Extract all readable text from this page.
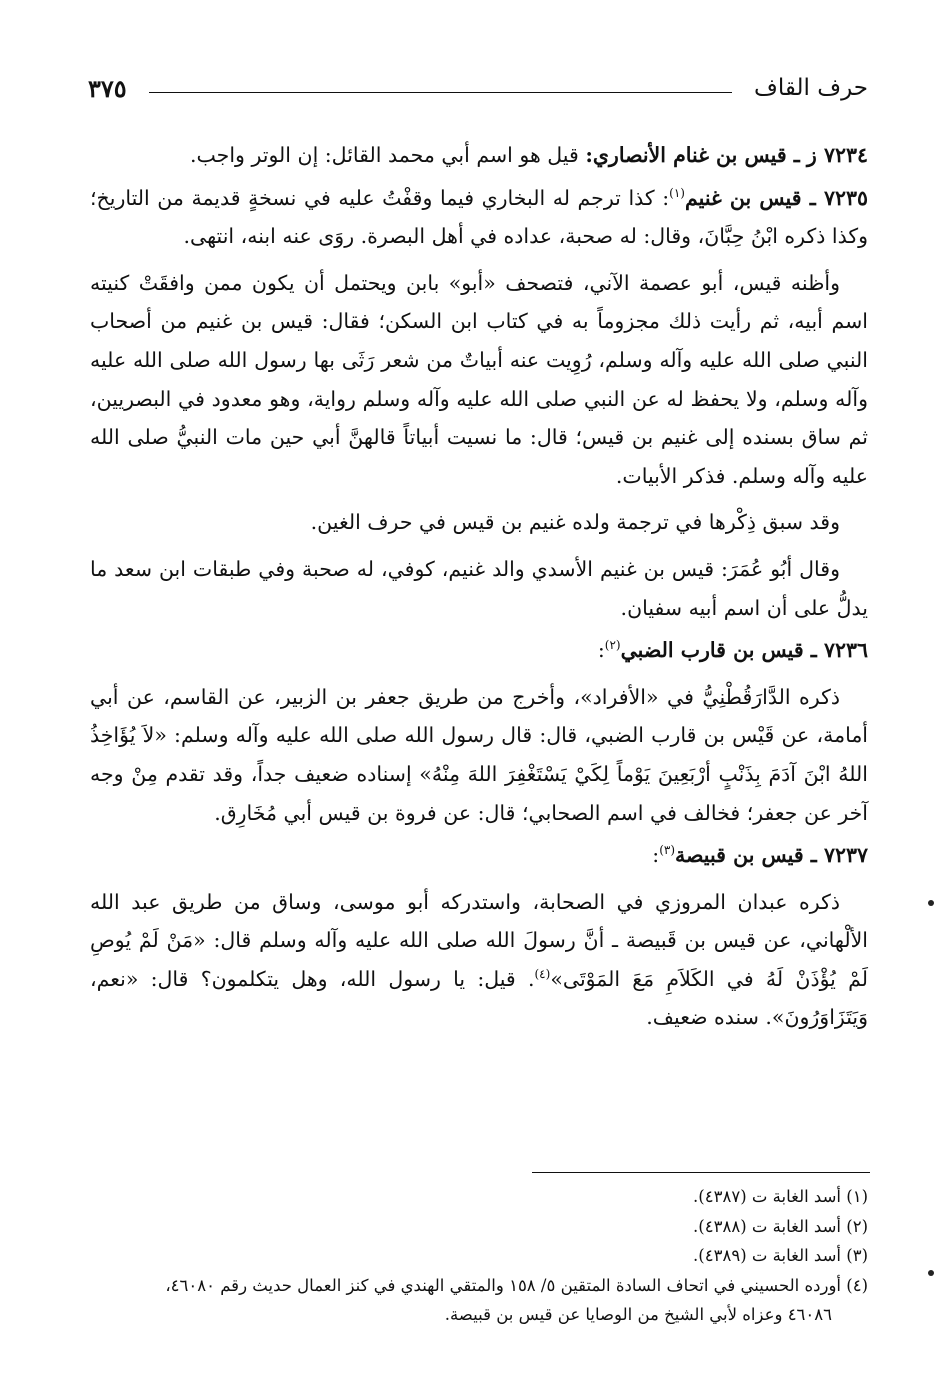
حرف القاف
٣٧٥

٧٢٣٤ ز ـ قيس بن غنام الأنصاري: قيل هو اسم أبي محمد القائل: إن الوتر واجب.

٧٢٣٥ ـ قيس بن غنيم$^{(١)}$: كذا ترجم له البخاري فيما وقفْتُ عليه في نسخةٍ قديمة من التاريخ؛ وكذا ذكره ابْنُ حِبَّانَ، وقال: له صحبة، عداده في أهل البصرة. روَى عنه ابنه، انتهى.

وأظنه قيس، أبو عصمة الآني، فتصحف «أبو» بابن ويحتمل أن يكون ممن وافقَتْ كنيته اسم أبيه، ثم رأيت ذلك مجزوماً به في كتاب ابن السكن؛ فقال: قيس بن غنيم من أصحاب النبي صلى الله عليه وآله وسلم، رُوِيت عنه أبياتٌ من شعر رَثَى بها رسول الله صلى الله عليه وآله وسلم، ولا يحفظ له عن النبي صلى الله عليه وآله وسلم رواية، وهو معدود في البصريين، ثم ساق بسنده إلى غنيم بن قيس؛ قال: ما نسيت أبياتاً قالهنَّ أبي حين مات النبيُّ صلى الله عليه وآله وسلم. فذكر الأبيات.

وقد سبق ذِكْرها في ترجمة ولده غنيم بن قيس في حرف الغين.

وقال أبُو عُمَرَ: قيس بن غنيم الأسدي والد غنيم، كوفي، له صحبة وفي طبقات ابن سعد ما يدلُّ على أن اسم أبيه سفيان.

٧٢٣٦ ـ قيس بن قارب الضبي$^{(٢)}$:

ذكره الدَّارَقُطْنِيُّ في «الأفراد»، وأخرج من طريق جعفر بن الزبير، عن القاسم، عن أبي أمامة، عن قَيْس بن قارب الضبي، قال: قال رسول الله صلى الله عليه وآله وسلم: «لاَ يُؤَاخِذُ اللهُ ابْنَ آدَمَ بِذَنْبٍ أرْبَعِينَ يَوْماً لِكَيْ يَسْتَغْفِرَ اللهَ مِنْهُ» إسناده ضعيف جداً، وقد تقدم مِنْ وجه آخر عن جعفر؛ فخالف في اسم الصحابي؛ قال: عن فروة بن قيس أبي مُخَارِق.

٧٢٣٧ ـ قيس بن قبيصة$^{(٣)}$:

ذكره عبدان المروزي في الصحابة، واستدركه أبو موسى، وساق من طريق عبد الله الألْهاني، عن قيس بن قَبيصة ـ أنَّ رسولَ الله صلى الله عليه وآله وسلم قال: «مَنْ لَمْ يُوصِ لَمْ يُؤْذَنْ لَهُ في الكَلاَمِ مَعَ المَوْتَى»$^{(٤)}$. قيل: يا رسول الله، وهل يتكلمون؟ قال: «نعم، وَيَتَزَاوَرُونَ». سنده ضعيف.

(١) أسد الغابة ت (٤٣٨٧).

(٢) أسد الغابة ت (٤٣٨٨).

(٣) أسد الغابة ت (٤٣٨٩).

(٤) أورده الحسيني في اتحاف السادة المتقين ٥/ ١٥٨ والمتقي الهندي في كنز العمال حديث رقم ٤٦٠٨٠،

٤٦٠٨٦ وعزاه لأبي الشيخ من الوصايا عن قيس بن قبيصة.
